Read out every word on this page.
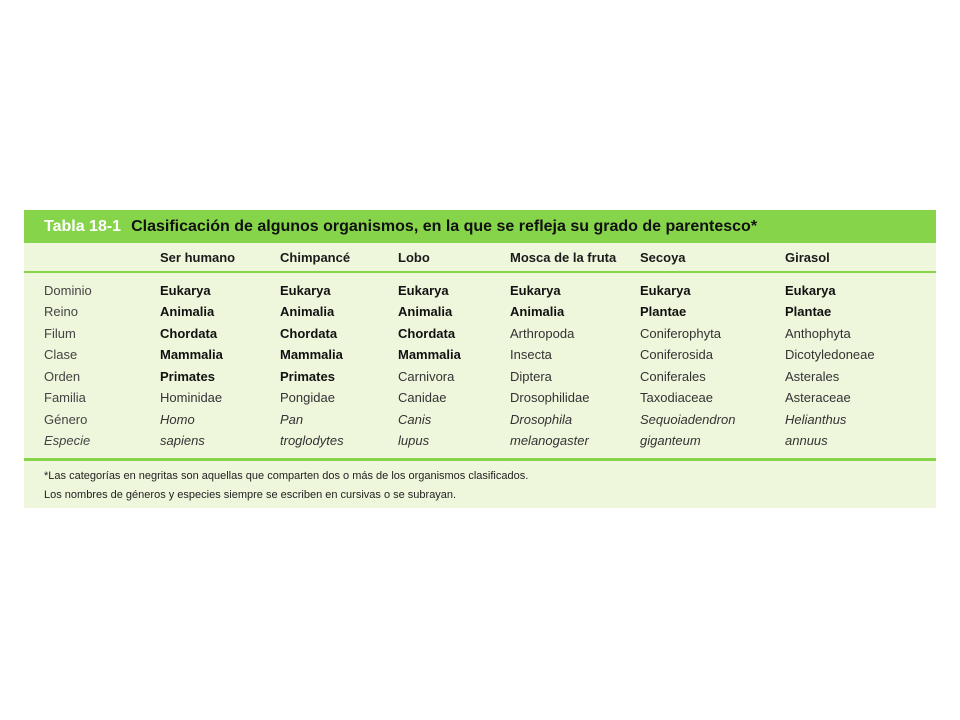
Tabla 18-1 Clasificación de algunos organismos, en la que se refleja su grado de parentesco*
	Ser humano	Chimpancé	Lobo	Mosca de la fruta	Secoya	Girasol
Dominio	Eukarya	Eukarya	Eukarya	Eukarya	Eukarya	Eukarya
Reino	Animalia	Animalia	Animalia	Animalia	Plantae	Plantae
Filum	Chordata	Chordata	Chordata	Arthropoda	Coniferophyta	Anthophyta
Clase	Mammalia	Mammalia	Mammalia	Insecta	Coniferosida	Dicotyledoneae
Orden	Primates	Primates	Carnivora	Diptera	Coniferales	Asterales
Familia	Hominidae	Pongidae	Canidae	Drosophilidae	Taxodiaceae	Asteraceae
Género	Homo	Pan	Canis	Drosophila	Sequoiadendron	Helianthus
Especie	sapiens	troglodytes	lupus	melanogaster	giganteum	annuus
*Las categorías en negritas son aquellas que comparten dos o más de los organismos clasificados.
Los nombres de géneros y especies siempre se escriben en cursivas o se subrayan.
